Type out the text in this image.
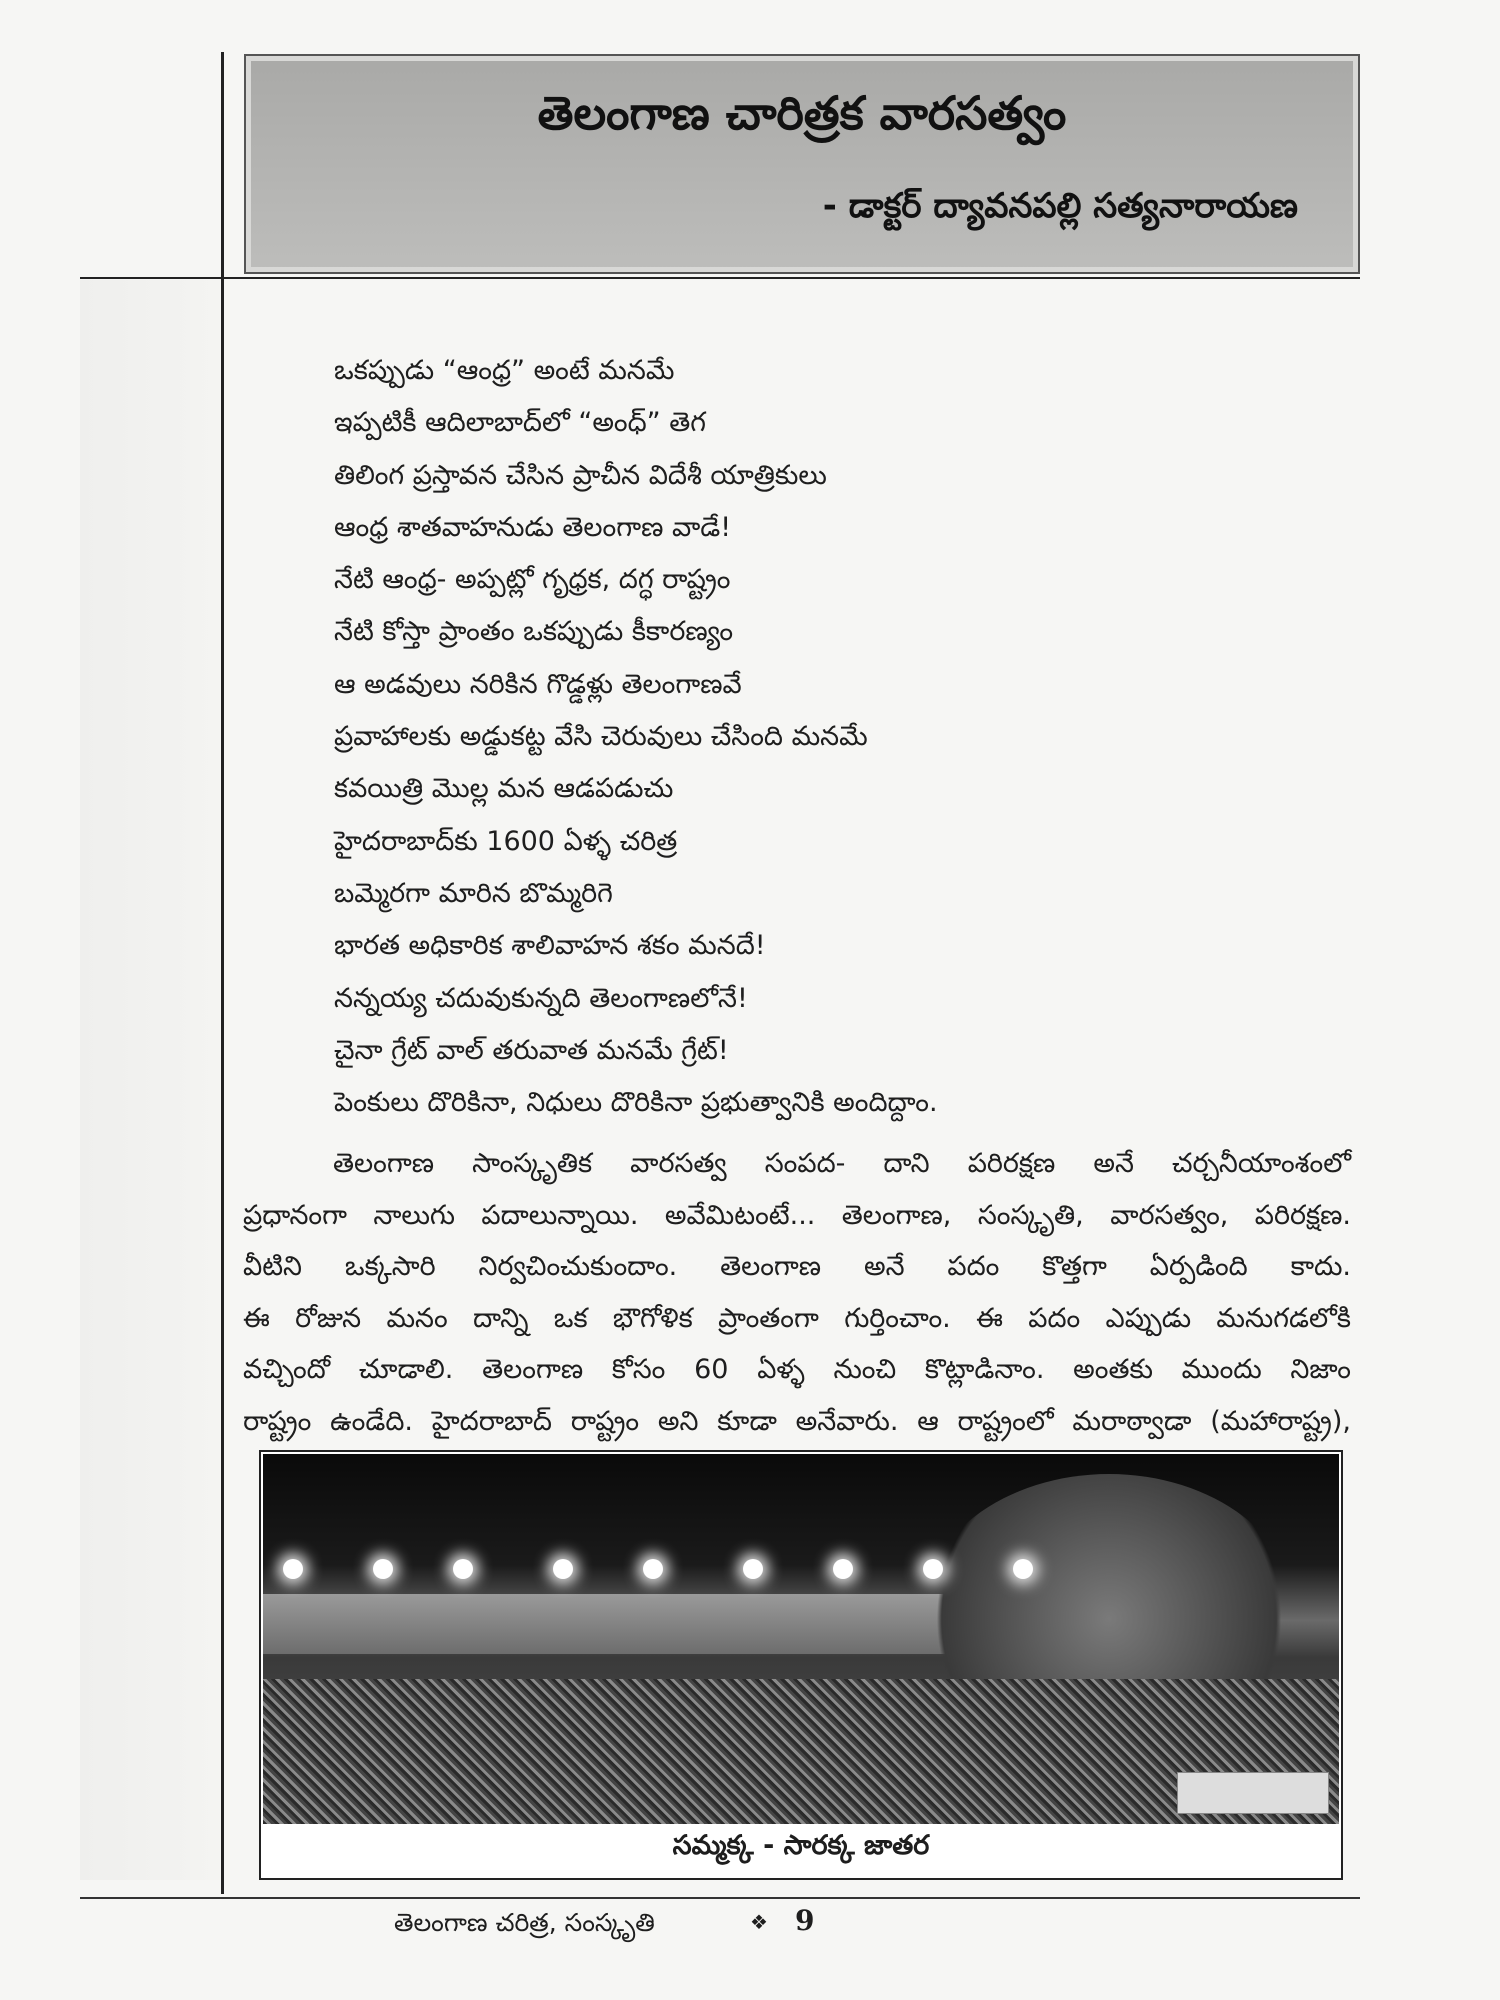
తెలంగాణ చారిత్రక వారసత్వం
- డాక్టర్ ద్యావనపల్లి సత్యనారాయణ
ఒకప్పుడు “ఆంధ్ర” అంటే మనమే
ఇప్పటికీ ఆదిలాబాద్‌లో “అంధ్” తెగ
తిలింగ ప్రస్తావన చేసిన ప్రాచీన విదేశీ యాత్రికులు
ఆంధ్ర శాతవాహనుడు తెలంగాణ వాడే!
నేటి ఆంధ్ర- అప్పట్లో గృధ్రక, దగ్ధ రాష్ట్రం
నేటి కోస్తా ప్రాంతం ఒకప్పుడు కీకారణ్యం
ఆ అడవులు నరికిన గొడ్డళ్లు తెలంగాణవే
ప్రవాహాలకు అడ్డుకట్ట వేసి చెరువులు చేసింది మనమే
కవయిత్రి మొల్ల మన ఆడపడుచు
హైదరాబాద్‌కు 1600 ఏళ్ళ చరిత్ర
బమ్మెరగా మారిన బొమ్మరిగె
భారత అధికారిక శాలివాహన శకం మనదే!
నన్నయ్య చదువుకున్నది తెలంగాణలోనే!
చైనా గ్రేట్ వాల్ తరువాత మనమే గ్రేట్!
పెంకులు దొరికినా, నిధులు దొరికినా ప్రభుత్వానికి అందిద్దాం.
తెలంగాణ సాంస్కృతిక వారసత్వ సంపద- దాని పరిరక్షణ అనే చర్చనీయాంశంలో
ప్రధానంగా నాలుగు పదాలున్నాయి. అవేమిటంటే... తెలంగాణ, సంస్కృతి, వారసత్వం, పరిరక్షణ.
వీటిని ఒక్కసారి నిర్వచించుకుందాం. తెలంగాణ అనే పదం కొత్తగా ఏర్పడింది కాదు.
ఈ రోజున మనం దాన్ని ఒక భౌగోళిక ప్రాంతంగా గుర్తించాం. ఈ పదం ఎప్పుడు మనుగడలోకి
వచ్చిందో చూడాలి. తెలంగాణ కోసం 60 ఏళ్ళ నుంచి కొట్లాడినాం. అంతకు ముందు నిజాం
రాష్ట్రం ఉండేది. హైదరాబాద్ రాష్ట్రం అని కూడా అనేవారు. ఆ రాష్ట్రంలో మరాఠ్వాడా (మహారాష్ట్ర),
సమ్మక్క - సారక్క జాతర
తెలంగాణ చరిత్ర, సంస్కృతి	❖ 9
